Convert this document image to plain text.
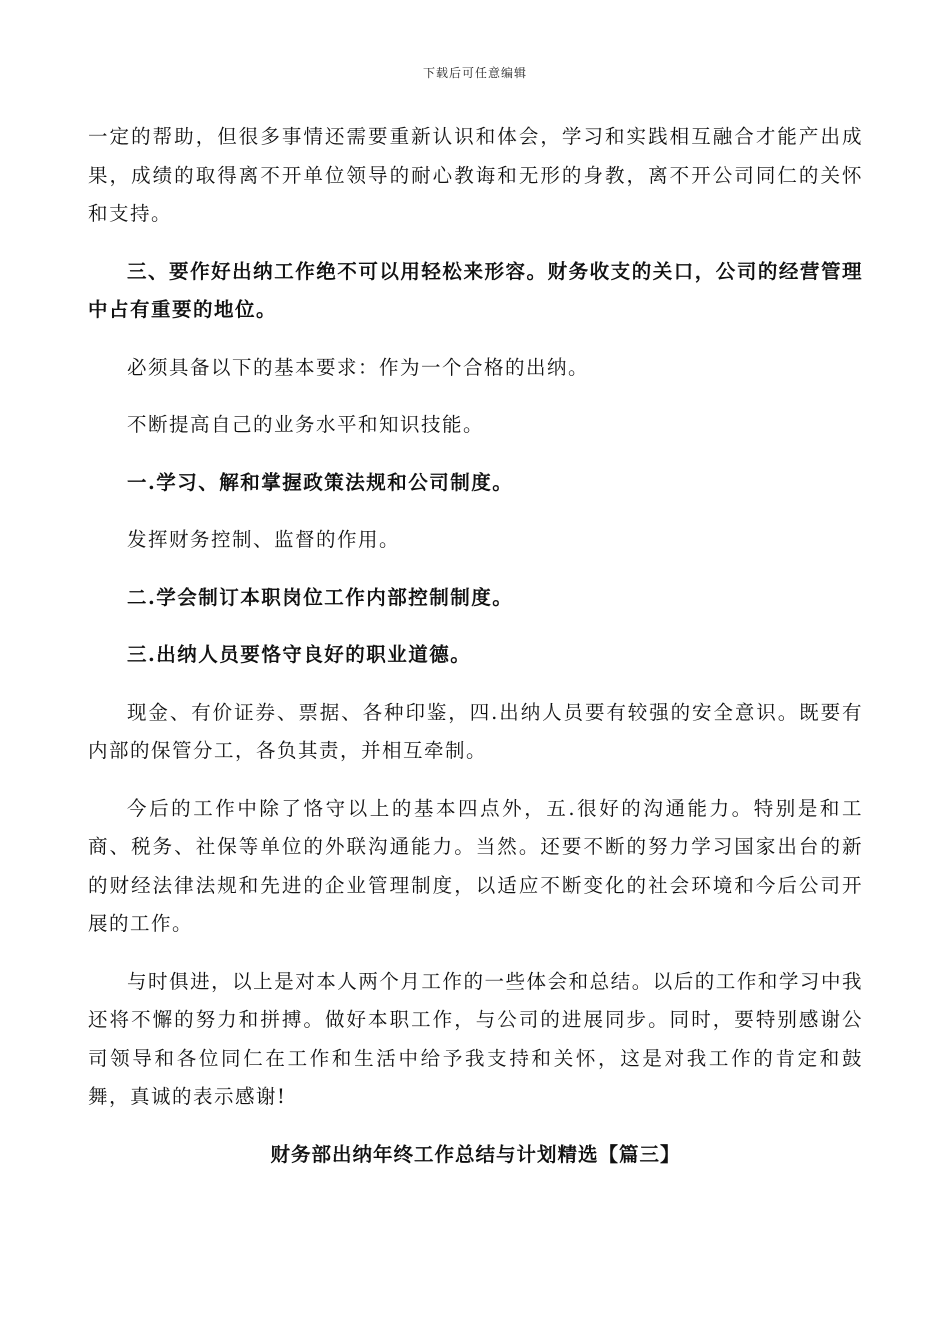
下载后可任意编辑

一定的帮助，但很多事情还需要重新认识和体会，学习和实践相互融合才能产出成果，成绩的取得离不开单位领导的耐心教诲和无形的身教，离不开公司同仁的关怀和支持。

三、要作好出纳工作绝不可以用轻松来形容。财务收支的关口，公司的经营管理中占有重要的地位。

必须具备以下的基本要求：作为一个合格的出纳。

不断提高自己的业务水平和知识技能。

一.学习、解和掌握政策法规和公司制度。

发挥财务控制、监督的作用。

二.学会制订本职岗位工作内部控制制度。

三.出纳人员要恪守良好的职业道德。

现金、有价证券、票据、各种印鉴，四.出纳人员要有较强的安全意识。既要有内部的保管分工，各负其责，并相互牵制。

今后的工作中除了恪守以上的基本四点外，五.很好的沟通能力。特别是和工商、税务、社保等单位的外联沟通能力。当然。还要不断的努力学习国家出台的新的财经法律法规和先进的企业管理制度，以适应不断变化的社会环境和今后公司开展的工作。

与时俱进，以上是对本人两个月工作的一些体会和总结。以后的工作和学习中我还将不懈的努力和拼搏。做好本职工作，与公司的进展同步。同时，要特别感谢公司领导和各位同仁在工作和生活中给予我支持和关怀，这是对我工作的肯定和鼓舞，真诚的表示感谢!

财务部出纳年终工作总结与计划精选【篇三】
